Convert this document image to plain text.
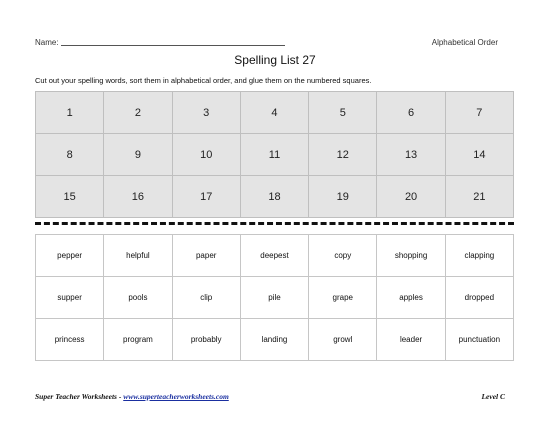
Name:	Alphabetical Order
Spelling List 27
Cut out your spelling words, sort them in alphabetical order, and glue them on the numbered squares.
1	2	3	4	5	6	7
8	9	10	11	12	13	14
15	16	17	18	19	20	21
pepper	helpful	paper	deepest	copy	shopping	clapping
supper	pools	clip	pile	grape	apples	dropped
princess	program	probably	landing	growl	leader	punctuation
Super Teacher Worksheets - www.superteacherworksheets.com	Level C
